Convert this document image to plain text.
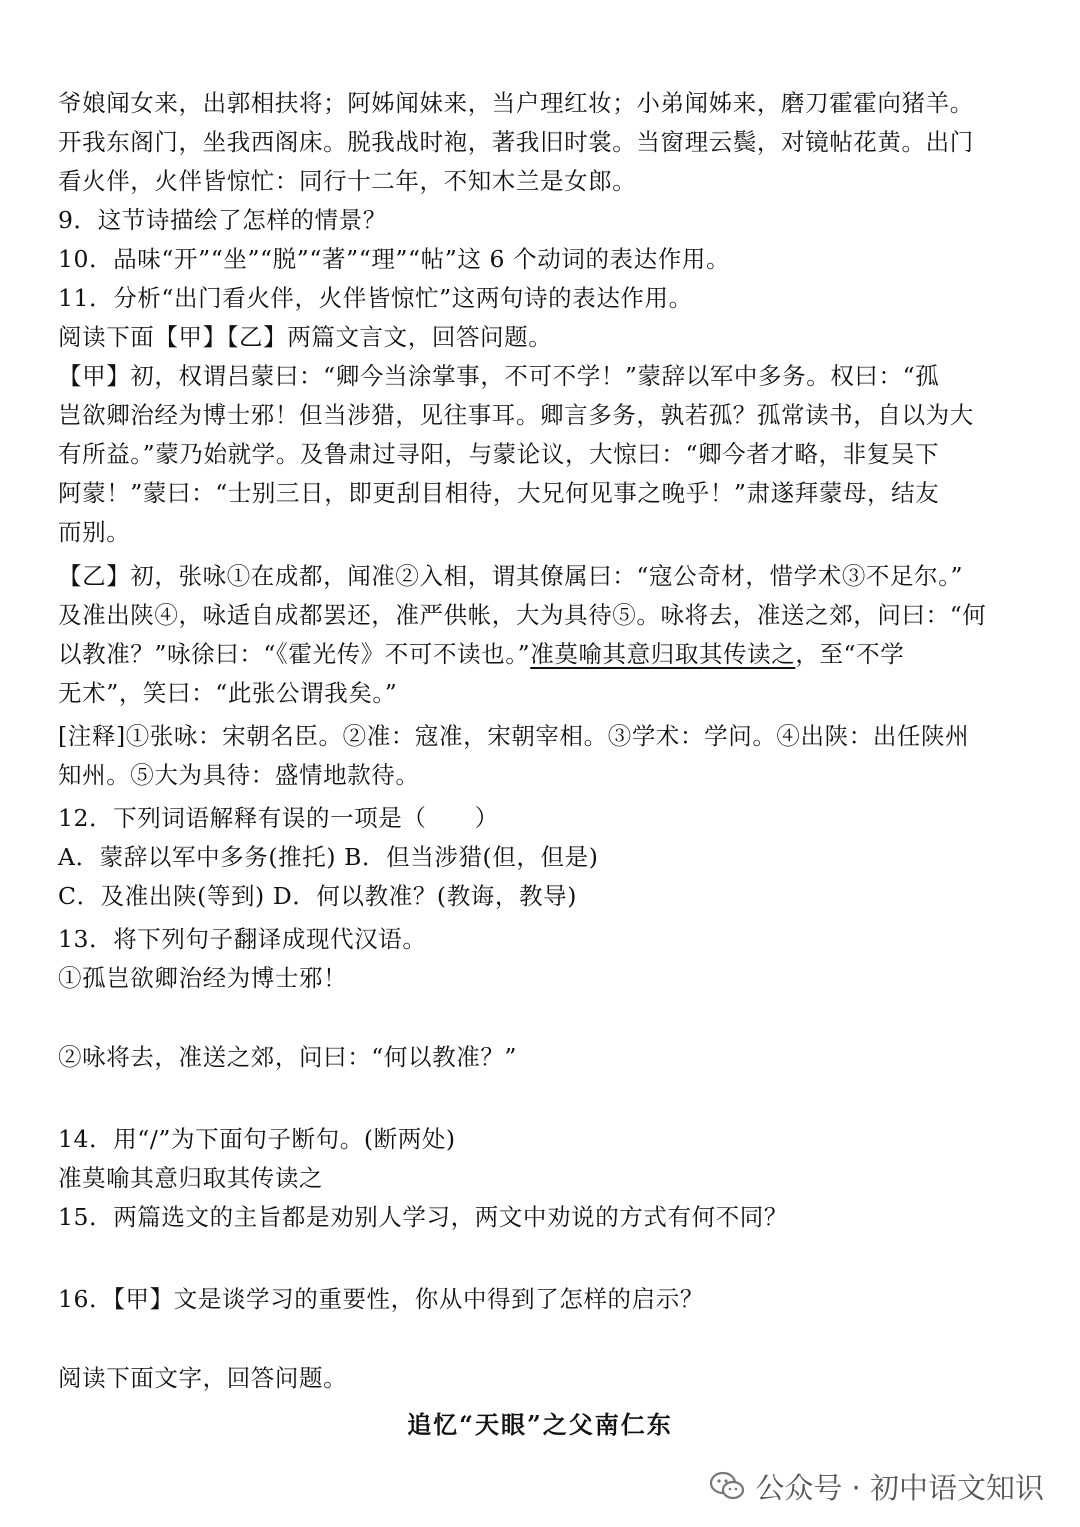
爷娘闻女来，出郭相扶将；阿姊闻妹来，当户理红妆；小弟闻姊来，磨刀霍霍向猪羊。
开我东阁门，坐我西阁床。脱我战时袍，著我旧时裳。当窗理云鬓，对镜帖花黄。出门
看火伴，火伴皆惊忙：同行十二年，不知木兰是女郎。
9．这节诗描绘了怎样的情景？
10．品味“开”“坐”“脱”“著”“理”“帖”这 6 个动词的表达作用。
11．分析“出门看火伴，火伴皆惊忙”这两句诗的表达作用。
阅读下面【甲】【乙】两篇文言文，回答问题。
【甲】初，权谓吕蒙曰：“卿今当涂掌事，不可不学！”蒙辞以军中多务。权曰：“孤
岂欲卿治经为博士邪！但当涉猎，见往事耳。卿言多务，孰若孤？孤常读书，自以为大
有所益。”蒙乃始就学。及鲁肃过寻阳，与蒙论议，大惊曰：“卿今者才略，非复吴下
阿蒙！”蒙曰：“士别三日，即更刮目相待，大兄何见事之晚乎！”肃遂拜蒙母，结友
而别。
【乙】初，张咏①在成都，闻准②入相，谓其僚属曰：“寇公奇材，惜学术③不足尔。”
及准出陕④，咏适自成都罢还，准严供帐，大为具待⑤。咏将去，准送之郊，问曰：“何
以教准？”咏徐曰：“《霍光传》不可不读也。”准莫喻其意归取其传读之，至“不学
无术”，笑曰：“此张公谓我矣。”
[注释]①张咏：宋朝名臣。②准：寇准，宋朝宰相。③学术：学问。④出陕：出任陕州
知州。⑤大为具待：盛情地款待。
12．下列词语解释有误的一项是（　　）
A．蒙辞以军中多务(推托) B．但当涉猎(但，但是)
C．及准出陕(等到) D．何以教准？(教诲，教导)
13．将下列句子翻译成现代汉语。
①孤岂欲卿治经为博士邪！
②咏将去，准送之郊，问曰：“何以教准？”
14．用“/”为下面句子断句。(断两处)
准莫喻其意归取其传读之
15．两篇选文的主旨都是劝别人学习，两文中劝说的方式有何不同？
16．【甲】文是谈学习的重要性，你从中得到了怎样的启示？
阅读下面文字，回答问题。
追忆“天眼”之父南仁东
公众号 · 初中语文知识
